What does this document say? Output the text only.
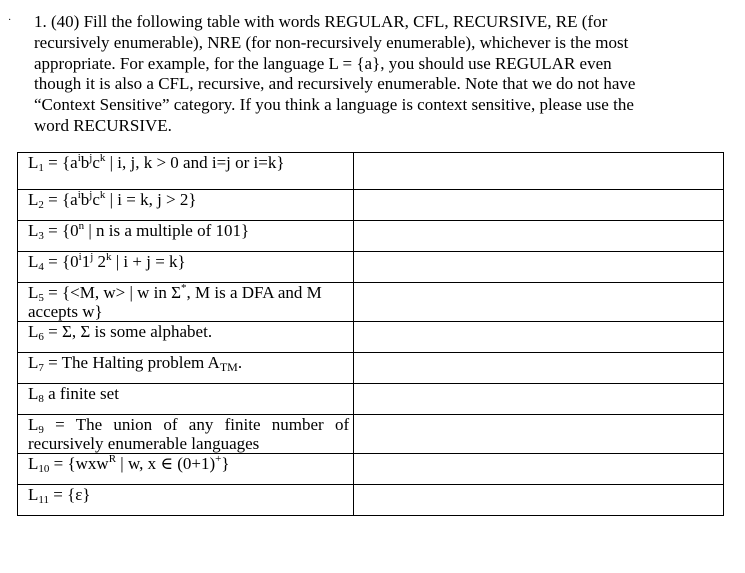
· 1. (40) Fill the following table with words REGULAR, CFL, RECURSIVE, RE (for
recursively enumerable), NRE (for non-recursively enumerable), whichever is the most
appropriate. For example, for the language L = {a}, you should use REGULAR even
though it is also a CFL, recursive, and recursively enumerable. Note that we do not have
“Context Sensitive” category. If you think a language is context sensitive, please use the
word RECURSIVE.
$L_1 = \{a^ib^jc^k$ | i, j, k > 0 and i=j or i=k}	
$L_2 = \{a^ib^jc^k$ | i = k, j > 2}	
$L_3 = \{0^n$ | n is a multiple of 101}	
$L_4 = \{0^i1^j$ 2$^k$ | i + j = k}	

$L_5 = \{<M$, w> | w in Σ*, M is a DFA and M
accepts w}	

$L_6 = \Sigma$, Σ is some alphabet.	
$L_7$ = The Halting problem $A_{TM}$.	
$L_8$ a finite set	

$L_9$ = The union of any finite number of
recursively enumerable languages	

$L_{10} = \{wxw^R$ | w, x ∈ (0+1)+}	
$L_{11} = \{\varepsilon\}$	
